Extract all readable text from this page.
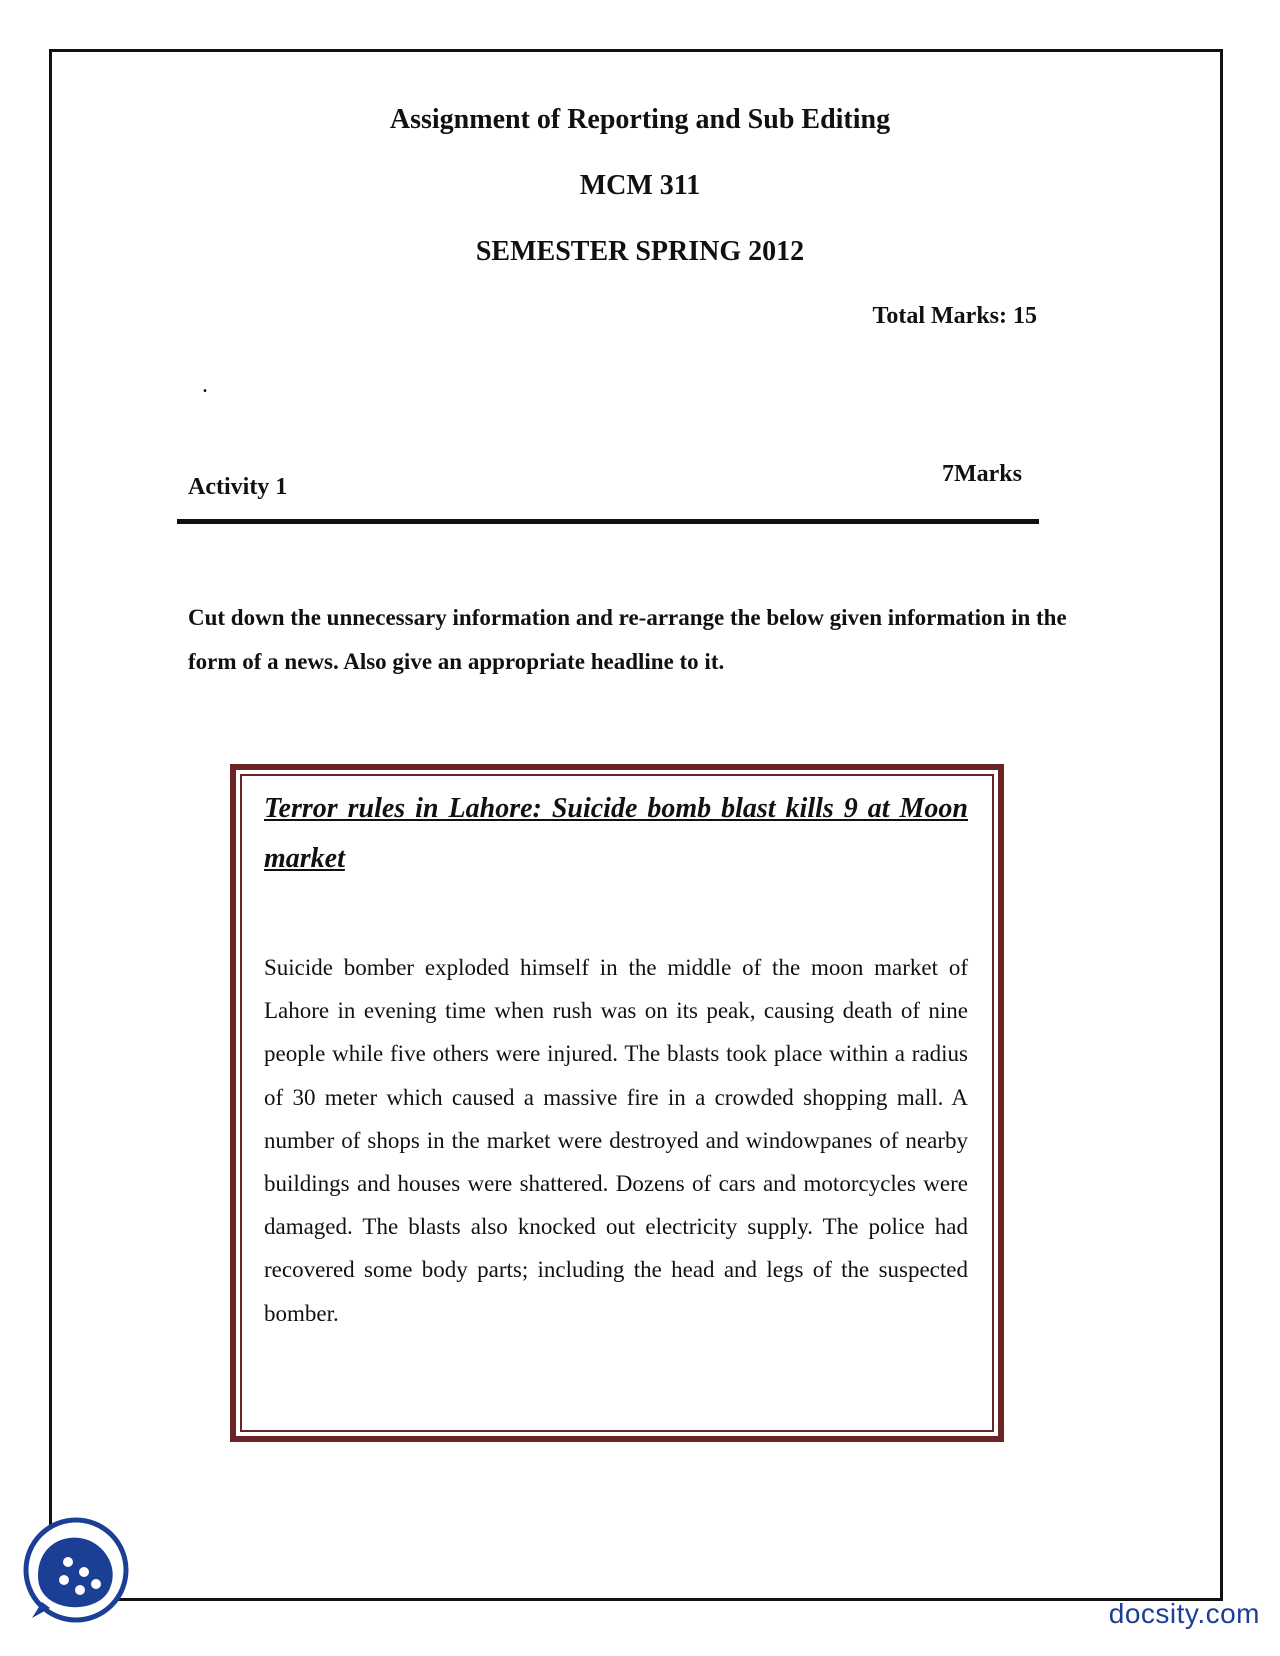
Assignment of Reporting and Sub Editing
MCM 311
SEMESTER SPRING 2012
Total Marks: 15
.
Activity 1	7Marks
Cut down the unnecessary information and re-arrange the below given information in the form of a news. Also give an appropriate headline to it.

Terror rules in Lahore: Suicide bomb blast kills 9 at Moon market

Suicide bomber exploded himself in the middle of the moon market of Lahore in evening time when rush was on its peak, causing death of nine people while five others were injured. The blasts took place within a radius of 30 meter which caused a massive fire in a crowded shopping mall. A number of shops in the market were destroyed and windowpanes of nearby buildings and houses were shattered. Dozens of cars and motorcycles were damaged. The blasts also knocked out electricity supply. The police had recovered some body parts; including the head and legs of the suspected bomber.

docsity.com
